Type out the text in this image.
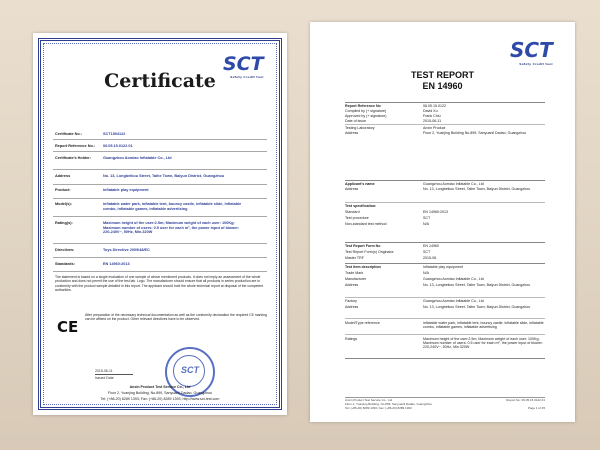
SCT
Safety Credit tool
Certificate
Certificate No.:	SCT1504122
Report Reference No.:	06.05.15.0122.01
Certificate's Holder:	Guangzhou Aomiao Inflatable Co., Ltd
Address	No. 13, Longbeikou Street, Taihe Town, Baiyun District, Guangzhou
Product:	Inflatable play equipment
Model(s):	inflatable water park, inflatable tent, bouncy castle, inflatable slide, inflatable combo, inflatable games, inflatable advertising
Rating(s):	Maximum height of the user:2.5m; Maximum weight of each user: 100Kg; Maximum number of users: 0.5 user for each m², the power input of blower: 220-240V~, 50Hz, Min.320W
Directives:	Toys Directive 2009/48/EC
Standards:	EN 14960:2013
The statement is based on a single evaluation of one sample of above mentioned products. It does not imply an assessment of the whole production and does not permit the use of the test lab. Logo. The manufacturer should ensure that all products in series production are in conformity with the product sample detailed in this report. The applicant should hold the whole technical report at disposal of the competent authorities.
CE
After preparation of the necessary technical documentation as well as the conformity declaration the required CE marking can be affixed on the product. Other relevant directives have to be observed.
2015-06-11
Issued Date
SCT
Anxin Product Test Service Co., Ltd
Floor 2, Yuanjing Building, No.899, Sanyuanli Dadao, Guangzhou
Tel: (+86-20) 8289 1393; Fax: (+86-20) 8289 1393; http://www.sct-test.com
SCT
Safety Credit tool
TEST REPORT
EN 14960
Report Reference No	06.05.15.0122
Compiled by (+ signature)	David Xu
Approved by (+ signature)	Frank Chiu
Date of issue	2015-06-11
Testing Laboratory	Anxin Product
Address	Floor 2, Yuanjing Building No.899, Sanyuanli Dadao, Guangzhou
Applicant's name	Guangzhou Aomiao Inflatable Co., Ltd
Address	No. 13, Longbeikou Street, Taihe Town, Baiyun District, Guangzhou
Test specification:
Standard	EN 14960:2013
Test procedure	SCT
Non-standard test method	N/A
Test Report Form No	EN 14960
Test Report Form(s) Originator	SCT
Master TRF	2015-06
Test item description	Inflatable play equipment
Trade Mark	N/A
Manufacturer	Guangzhou Aomiao Inflatable Co., Ltd
Address	No. 13, Longbeikou Street, Taihe Town, Baiyun District, Guangzhou
Factory	Guangzhou Aomiao Inflatable Co., Ltd
Address	No. 13, Longbeikou Street, Taihe Town, Baiyun District, Guangzhou
Model/Type reference	inflatable water park, inflatable tent, bouncy castle, inflatable slide, inflatable combo, inflatable games, inflatable advertising
Ratings	Maximum height of the user:2.5m; Maximum weight of each user: 100Kg; Maximum number of users: 0.5 user for each m², the power input of blower: 220-240V~, 50Hz, Min.320W
Anxin Product Test Service Co., Ltd
Floor 2, Yuanjing Building, No.899, Sanyuanli Dadao, Guangzhou
Tel: (+86-20) 8289 1393; Fax: (+86-20) 8289 1393
Report No: 06.05.15.0122.01
Page 1 of 45
